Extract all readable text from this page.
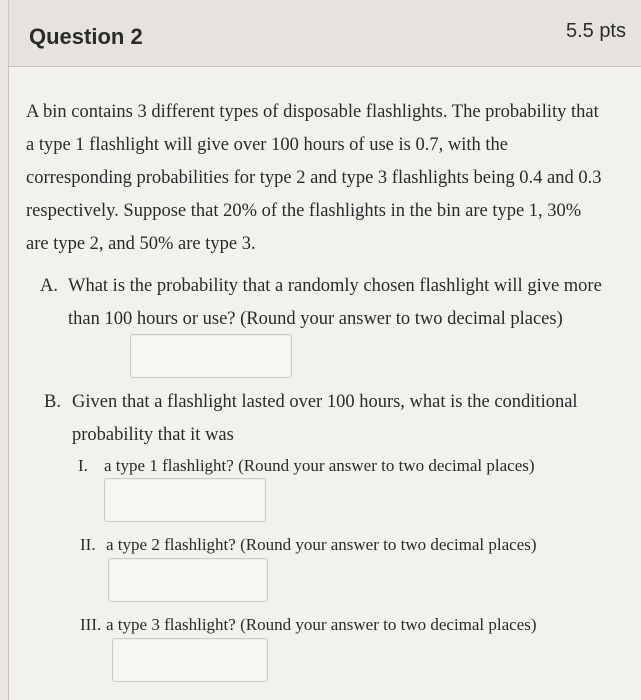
Question 2	5.5 pts
A bin contains 3 different types of disposable flashlights. The probability that a type 1 flashlight will give over 100 hours of use is 0.7, with the corresponding probabilities for type 2 and type 3 flashlights being 0.4 and 0.3 respectively. Suppose that 20% of the flashlights in the bin are type 1, 30% are type 2, and 50% are type 3.
A. What is the probability that a randomly chosen flashlight will give more than 100 hours or use? (Round your answer to two decimal places)
B. Given that a flashlight lasted over 100 hours, what is the conditional probability that it was
I. a type 1 flashlight? (Round your answer to two decimal places)
II. a type 2 flashlight? (Round your answer to two decimal places)
III. a type 3 flashlight? (Round your answer to two decimal places)
